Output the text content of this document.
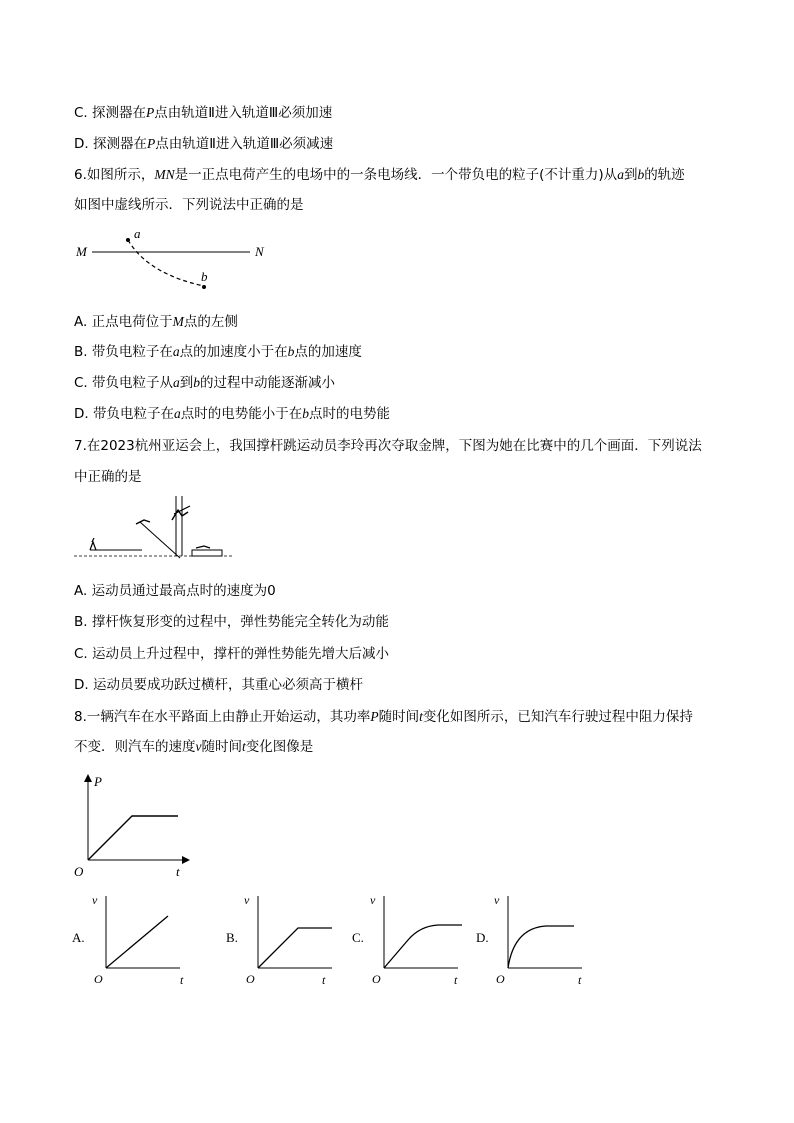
C. 探测器在P点由轨道Ⅱ进入轨道Ⅲ必须加速
D. 探测器在P点由轨道Ⅱ进入轨道Ⅲ必须减速
6.如图所示，MN是一正点电荷产生的电场中的一条电场线．一个带负电的粒子(不计重力)从a到b的轨迹
如图中虚线所示．下列说法中正确的是
M	N
a
b
A. 正点电荷位于M点的左侧
B. 带负电粒子在a点的加速度小于在b点的加速度
C. 带负电粒子从a到b的过程中动能逐渐减小
D. 带负电粒子在a点时的电势能小于在b点时的电势能
7.在2023杭州亚运会上，我国撑杆跳运动员李玲再次夺取金牌，下图为她在比赛中的几个画面．下列说法
中正确的是
A. 运动员通过最高点时的速度为0
B. 撑杆恢复形变的过程中，弹性势能完全转化为动能
C. 运动员上升过程中，撑杆的弹性势能先增大后减小
D. 运动员要成功跃过横杆，其重心必须高于横杆
8.一辆汽车在水平路面上由静止开始运动，其功率P随时间t变化如图所示，已知汽车行驶过程中阻力保持
不变．则汽车的速度v随时间t变化图像是
P
t
O
A.
v
t
O
B.
v
t
O
C.
v
t
O
D.
v
t
O
